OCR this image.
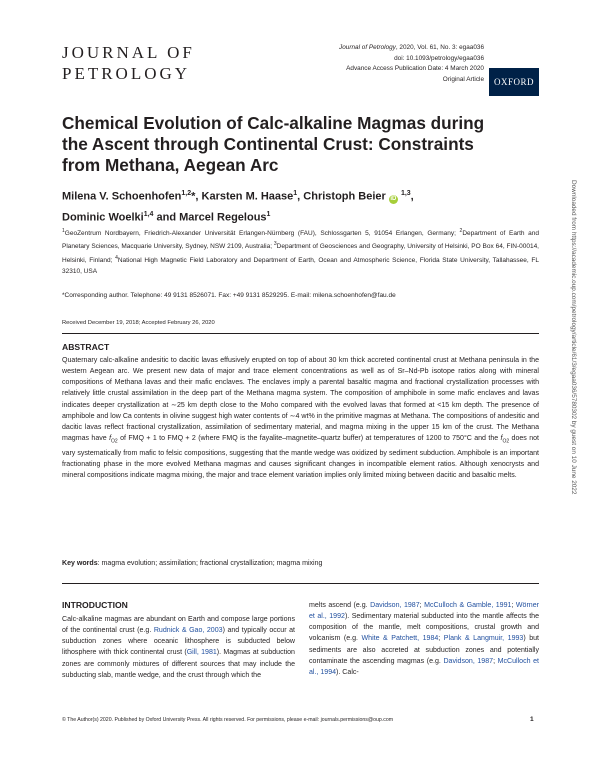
JOURNAL OF
PETROLOGY
Journal of Petrology, 2020, Vol. 61, No. 3: egaa036
doi: 10.1093/petrology/egaa036
Advance Access Publication Date: 4 March 2020
Original Article	OXFORD
Chemical Evolution of Calc-alkaline Magmas during the Ascent through Continental Crust: Constraints from Methana, Aegean Arc
Milena V. Schoenhofen$^{1,2}$*, Karsten M. Haase$^1$, Christoph Beier iD $^{1,3}$,
Dominic Woelki$^{1,4}$ and Marcel Regelous$^1$
$^1$GeoZentrum Nordbayern, Friedrich-Alexander Universität Erlangen-Nürnberg (FAU), Schlossgarten 5, 91054 Erlangen, Germany; $^2$Department of Earth and Planetary Sciences, Macquarie University, Sydney, NSW 2109, Australia; $^3$Department of Geosciences and Geography, University of Helsinki, PO Box 64, FIN-00014, Helsinki, Finland; $^4$National High Magnetic Field Laboratory and Department of Earth, Ocean and Atmospheric Science, Florida State University, Tallahassee, FL 32310, USA
*Corresponding author. Telephone: 49 9131 8526071. Fax: +49 9131 8529295. E-mail: milena.schoenhofen@fau.de
Received December 19, 2018; Accepted February 26, 2020
ABSTRACT
Quaternary calc-alkaline andesitic to dacitic lavas effusively erupted on top of about 30 km thick accreted continental crust at Methana peninsula in the western Aegean arc. We present new data of major and trace element concentrations as well as of Sr–Nd-Pb isotope ratios along with mineral compositions of Methana lavas and their mafic enclaves. The enclaves imply a parental basaltic magma and fractional crystallization processes with relatively little crustal assimilation in the deep part of the Methana magma system. The composition of amphibole in some mafic enclaves and lavas indicates deeper crystallization at ∼25 km depth close to the Moho compared with the evolved lavas that formed at <15 km depth. The presence of amphibole and low Ca contents in olivine suggest high water contents of ∼4 wt% in the primitive magmas at Methana. The compositions of andesitic and dacitic lavas reflect fractional crystallization, assimilation of sedimentary material, and magma mixing in the upper 15 km of the crust. The Methana magmas have $f_{O2}$ of FMQ + 1 to FMQ + 2 (where FMQ is the fayalite–magnetite–quartz buffer) at temperatures of 1200 to 750°C and the $f_{O2}$ does not vary systematically from mafic to felsic compositions, suggesting that the mantle wedge was oxidized by sediment subduction. Amphibole is an important fractionating phase in the more evolved Methana magmas and causes significant changes in incompatible element ratios. Although xenocrysts and mineral compositions indicate magma mixing, the major and trace element variation implies only limited mixing between dacitic and basaltic melts.
Key words: magma evolution; assimilation; fractional crystallization; magma mixing
INTRODUCTION
Calc-alkaline magmas are abundant on Earth and compose large portions of the continental crust (e.g. Rudnick & Gao, 2003) and typically occur at subduction zones where oceanic lithosphere is subducted below lithosphere with thick continental crust (Gill, 1981). Magmas at subduction zones are commonly mixtures of different sources that may include the subducting slab, mantle wedge, and the crust through which the
melts ascend (e.g. Davidson, 1987; McCulloch & Gamble, 1991; Wörner et al., 1992). Sedimentary material subducted into the mantle affects the composition of the mantle, melt compositions, crustal growth and volcanism (e.g. White & Patchett, 1984; Plank & Langmuir, 1993) but sediments are also accreted at subduction zones and potentially contaminate the ascending magmas (e.g. Davidson, 1987; McCulloch et al., 1994). Calc-
© The Author(s) 2020. Published by Oxford University Press. All rights reserved. For permissions, please e-mail: journals.permissions@oup.com	1
Downloaded from https://academic.oup.com/petrology/article/61/3/egaa036/5780302 by guest on 10 June 2022
